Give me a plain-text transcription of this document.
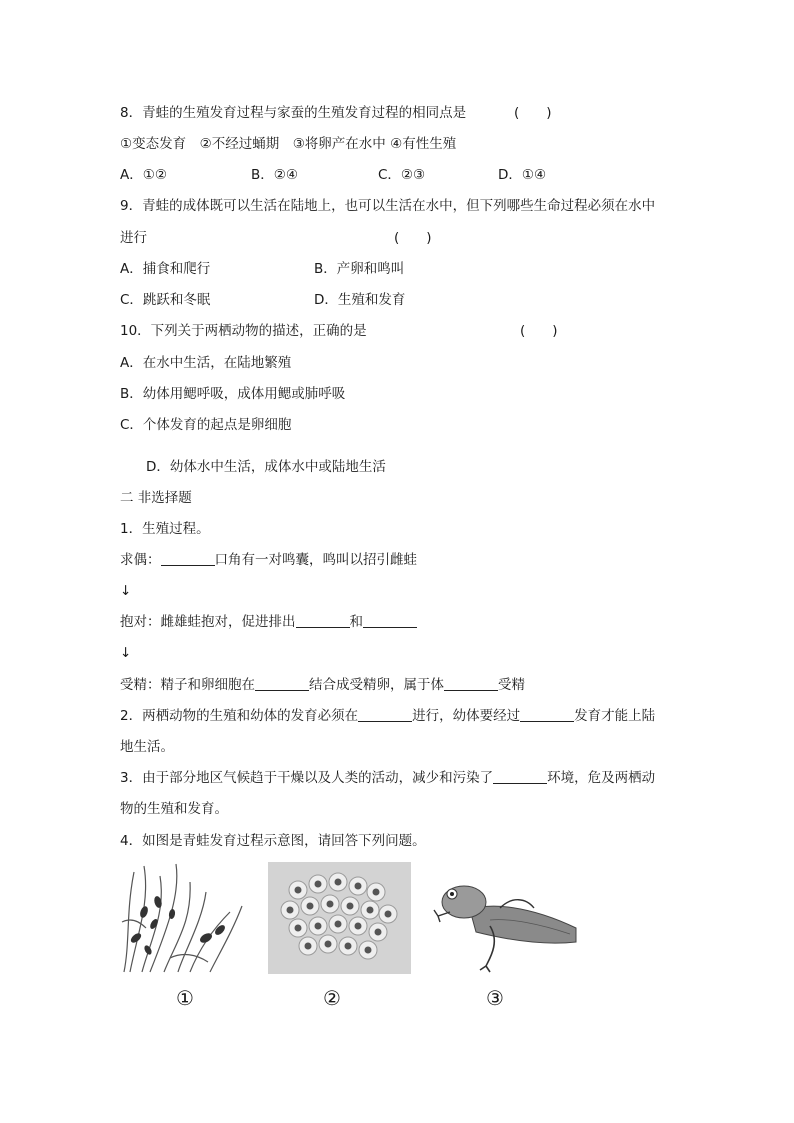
8．青蛙的生殖发育过程与家蚕的生殖发育过程的相同点是	(　　)
①变态发育　②不经过蛹期　③将卵产在水中 ④有性生殖
A．①②	B．②④	C．②③	D．①④
9．青蛙的成体既可以生活在陆地上，也可以生活在水中，但下列哪些生命过程必须在水中
进行	(　　)
A．捕食和爬行	B．产卵和鸣叫
C．跳跃和冬眠	D．生殖和发育
10．下列关于两栖动物的描述，正确的是	(　　)
A．在水中生活，在陆地繁殖
B．幼体用鳃呼吸，成体用鳃或肺呼吸
C．个体发育的起点是卵细胞
D．幼体水中生活，成体水中或陆地生活
二 非选择题
1．生殖过程。
求偶：	口角有一对鸣囊，鸣叫以招引雌蛙
↓
抱对：雌雄蛙抱对，促进排出	和
↓
受精：精子和卵细胞在	结合成受精卵，属于体	受精
2．两栖动物的生殖和幼体的发育必须在	进行，幼体要经过	发育才能上陆
地生活。
3．由于部分地区气候趋于干燥以及人类的活动，减少和污染了	环境，危及两栖动
物的生殖和发育。
4．如图是青蛙发育过程示意图，请回答下列问题。
①	②	③
